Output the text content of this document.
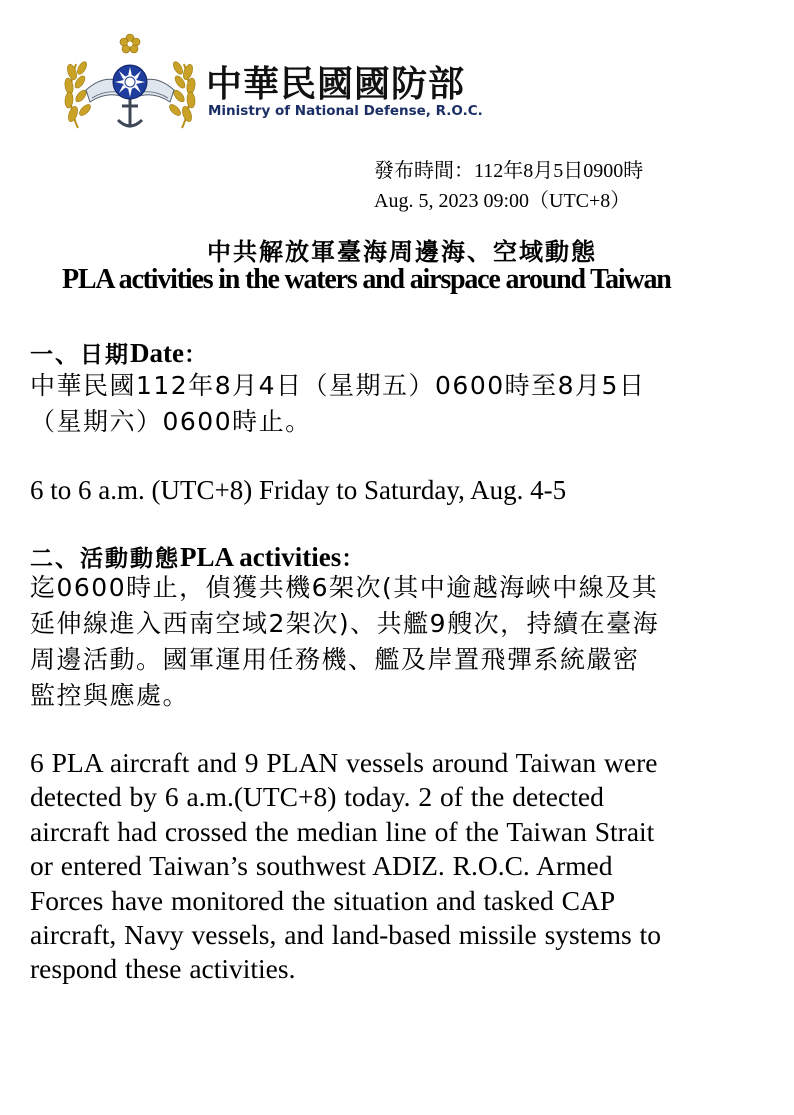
中華民國國防部
Ministry of National Defense, R.O.C.
發布時間：112年8月5日0900時
Aug. 5, 2023 09:00（UTC+8）
中共解放軍臺海周邊海、空域動態
PLA activities in the waters and airspace around Taiwan
一、日期Date：
中華民國112年8月4日（星期五）0600時至8月5日
（星期六）0600時止。
6 to 6 a.m. (UTC+8) Friday to Saturday, Aug. 4-5
二、活動動態PLA activities：
迄0600時止，偵獲共機6架次(其中逾越海峽中線及其
延伸線進入西南空域2架次)、共艦9艘次，持續在臺海
周邊活動。國軍運用任務機、艦及岸置飛彈系統嚴密
監控與應處。
6 PLA aircraft and 9 PLAN vessels around Taiwan were
detected by 6 a.m.(UTC+8) today. 2 of the detected
aircraft had crossed the median line of the Taiwan Strait
or entered Taiwan’s southwest ADIZ. R.O.C. Armed
Forces have monitored the situation and tasked CAP
aircraft, Navy vessels, and land-based missile systems to
respond these activities.
